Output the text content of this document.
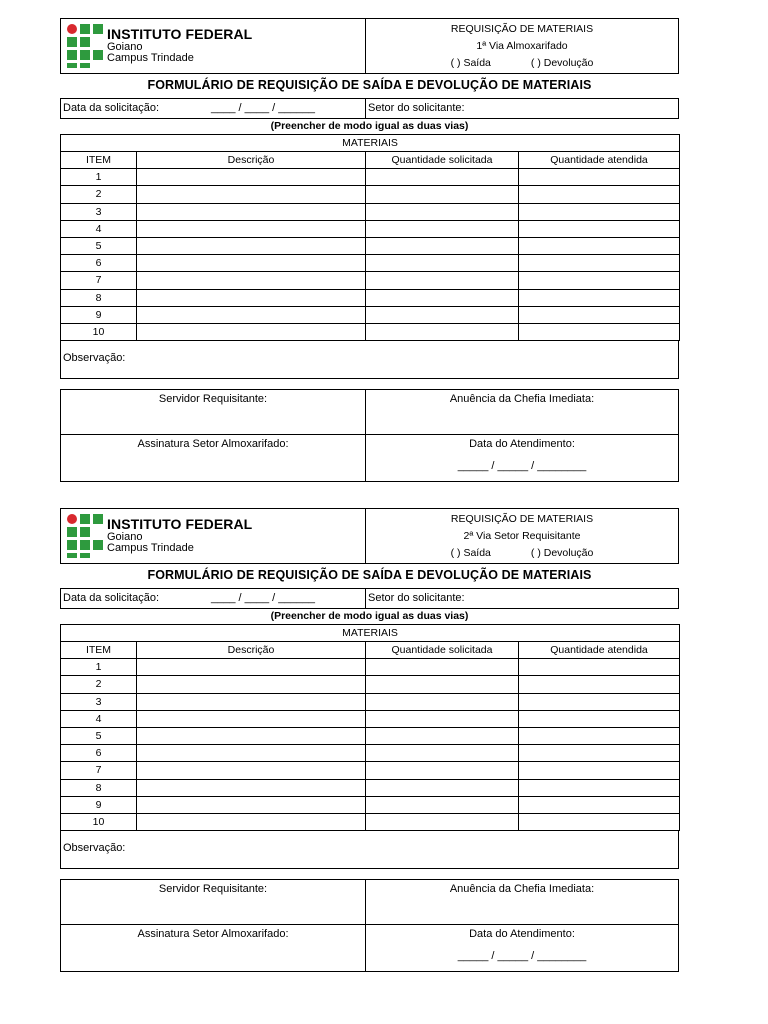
INSTITUTO FEDERAL
Goiano
Campus Trindade
REQUISIÇÃO DE MATERIAIS
1ª Via Almoxarifado
( ) Saída	( ) Devolução
FORMULÁRIO DE REQUISIÇÃO DE SAÍDA E DEVOLUÇÃO DE MATERIAIS
Data da solicitação:	____ / ____ / ______	Setor do solicitante:
(Preencher de modo igual as duas vias)
MATERIAIS			
ITEM	Descrição	Quantidade solicitada	Quantidade atendida
1			
2			
3			
4			
5			
6			
7			
8			
9			
10			
Observação:
Servidor Requisitante:	Anuência da Chefia Imediata:
Assinatura Setor Almoxarifado:	Data do Atendimento:
_____ / _____ / ________
INSTITUTO FEDERAL
Goiano
Campus Trindade
REQUISIÇÃO DE MATERIAIS
2ª Via Setor Requisitante
( ) Saída	( ) Devolução
FORMULÁRIO DE REQUISIÇÃO DE SAÍDA E DEVOLUÇÃO DE MATERIAIS
Data da solicitação:	____ / ____ / ______	Setor do solicitante:
(Preencher de modo igual as duas vias)
MATERIAIS			
ITEM	Descrição	Quantidade solicitada	Quantidade atendida
1			
2			
3			
4			
5			
6			
7			
8			
9			
10			
Observação:
Servidor Requisitante:	Anuência da Chefia Imediata:
Assinatura Setor Almoxarifado:	Data do Atendimento:
_____ / _____ / ________
